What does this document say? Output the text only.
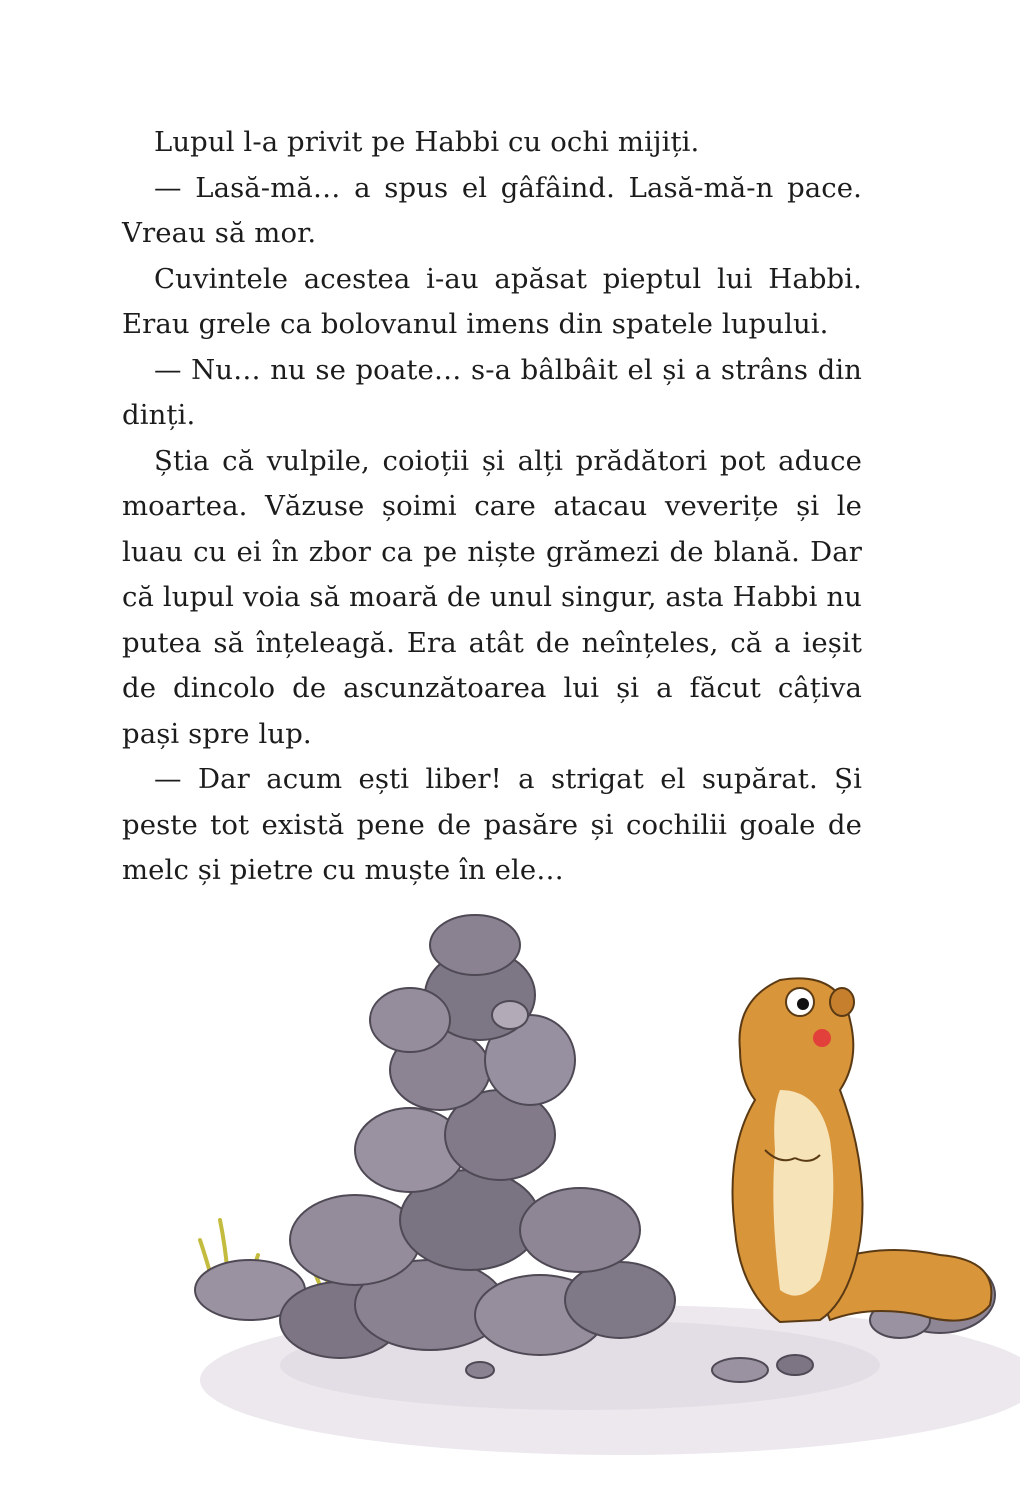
Lupul l-a privit pe Habbi cu ochi mijiți.

— Lasă-mă… a spus el gâfâind. Lasă-mă-n pace. Vreau să mor.

Cuvintele acestea i-au apăsat pieptul lui Habbi. Erau grele ca bolovanul imens din spatele lupului.

— Nu… nu se poate… s-a bâlbâit el și a strâns din dinți.

Știa că vulpile, coioții și alți prădători pot aduce moartea. Văzuse șoimi care atacau veverițe și le luau cu ei în zbor ca pe niște grămezi de blană. Dar că lupul voia să moară de unul singur, asta Habbi nu putea să înțeleagă. Era atât de neînțeles, că a ieșit de dincolo de ascunzătoarea lui și a făcut câțiva pași spre lup.

— Dar acum ești liber! a strigat el supărat. Și peste tot există pene de pasăre și cochilii goale de melc și pietre cu muște în ele…
